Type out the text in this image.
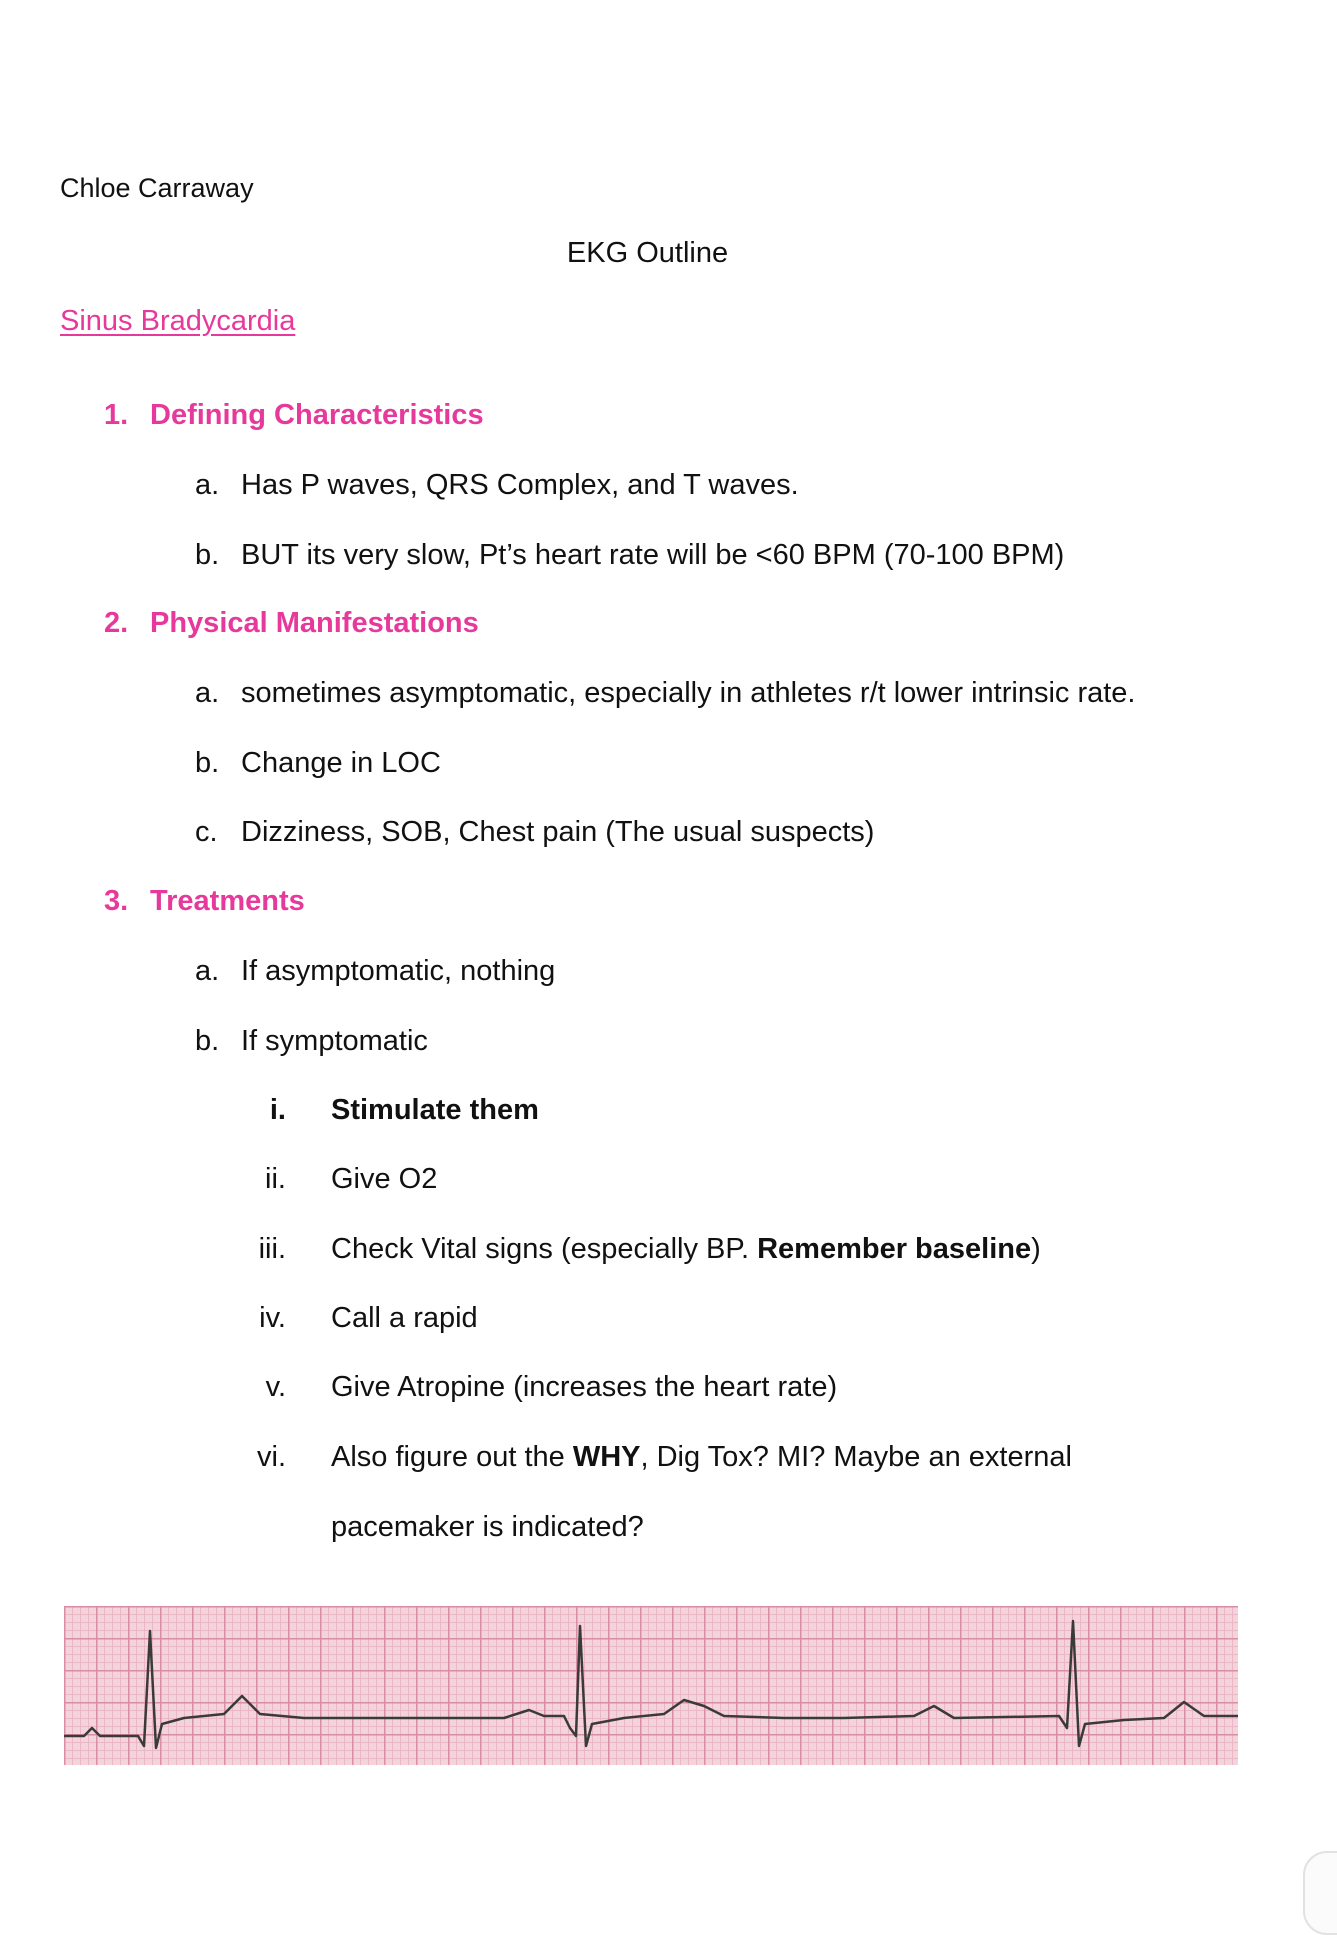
Chloe Carraway
EKG Outline
Sinus Bradycardia
1. Defining Characteristics
a. Has P waves, QRS Complex, and T waves.
b. BUT its very slow, Pt’s heart rate will be <60 BPM (70-100 BPM)
2. Physical Manifestations
a. sometimes asymptomatic, especially in athletes r/t lower intrinsic rate.
b. Change in LOC
c. Dizziness, SOB, Chest pain (The usual suspects)
3. Treatments
a. If asymptomatic, nothing
b. If symptomatic
i. Stimulate them
ii. Give O2
iii. Check Vital signs (especially BP. Remember baseline)
iv. Call a rapid
v. Give Atropine (increases the heart rate)
vi. Also figure out the WHY, Dig Tox? MI? Maybe an external
pacemaker is indicated?
